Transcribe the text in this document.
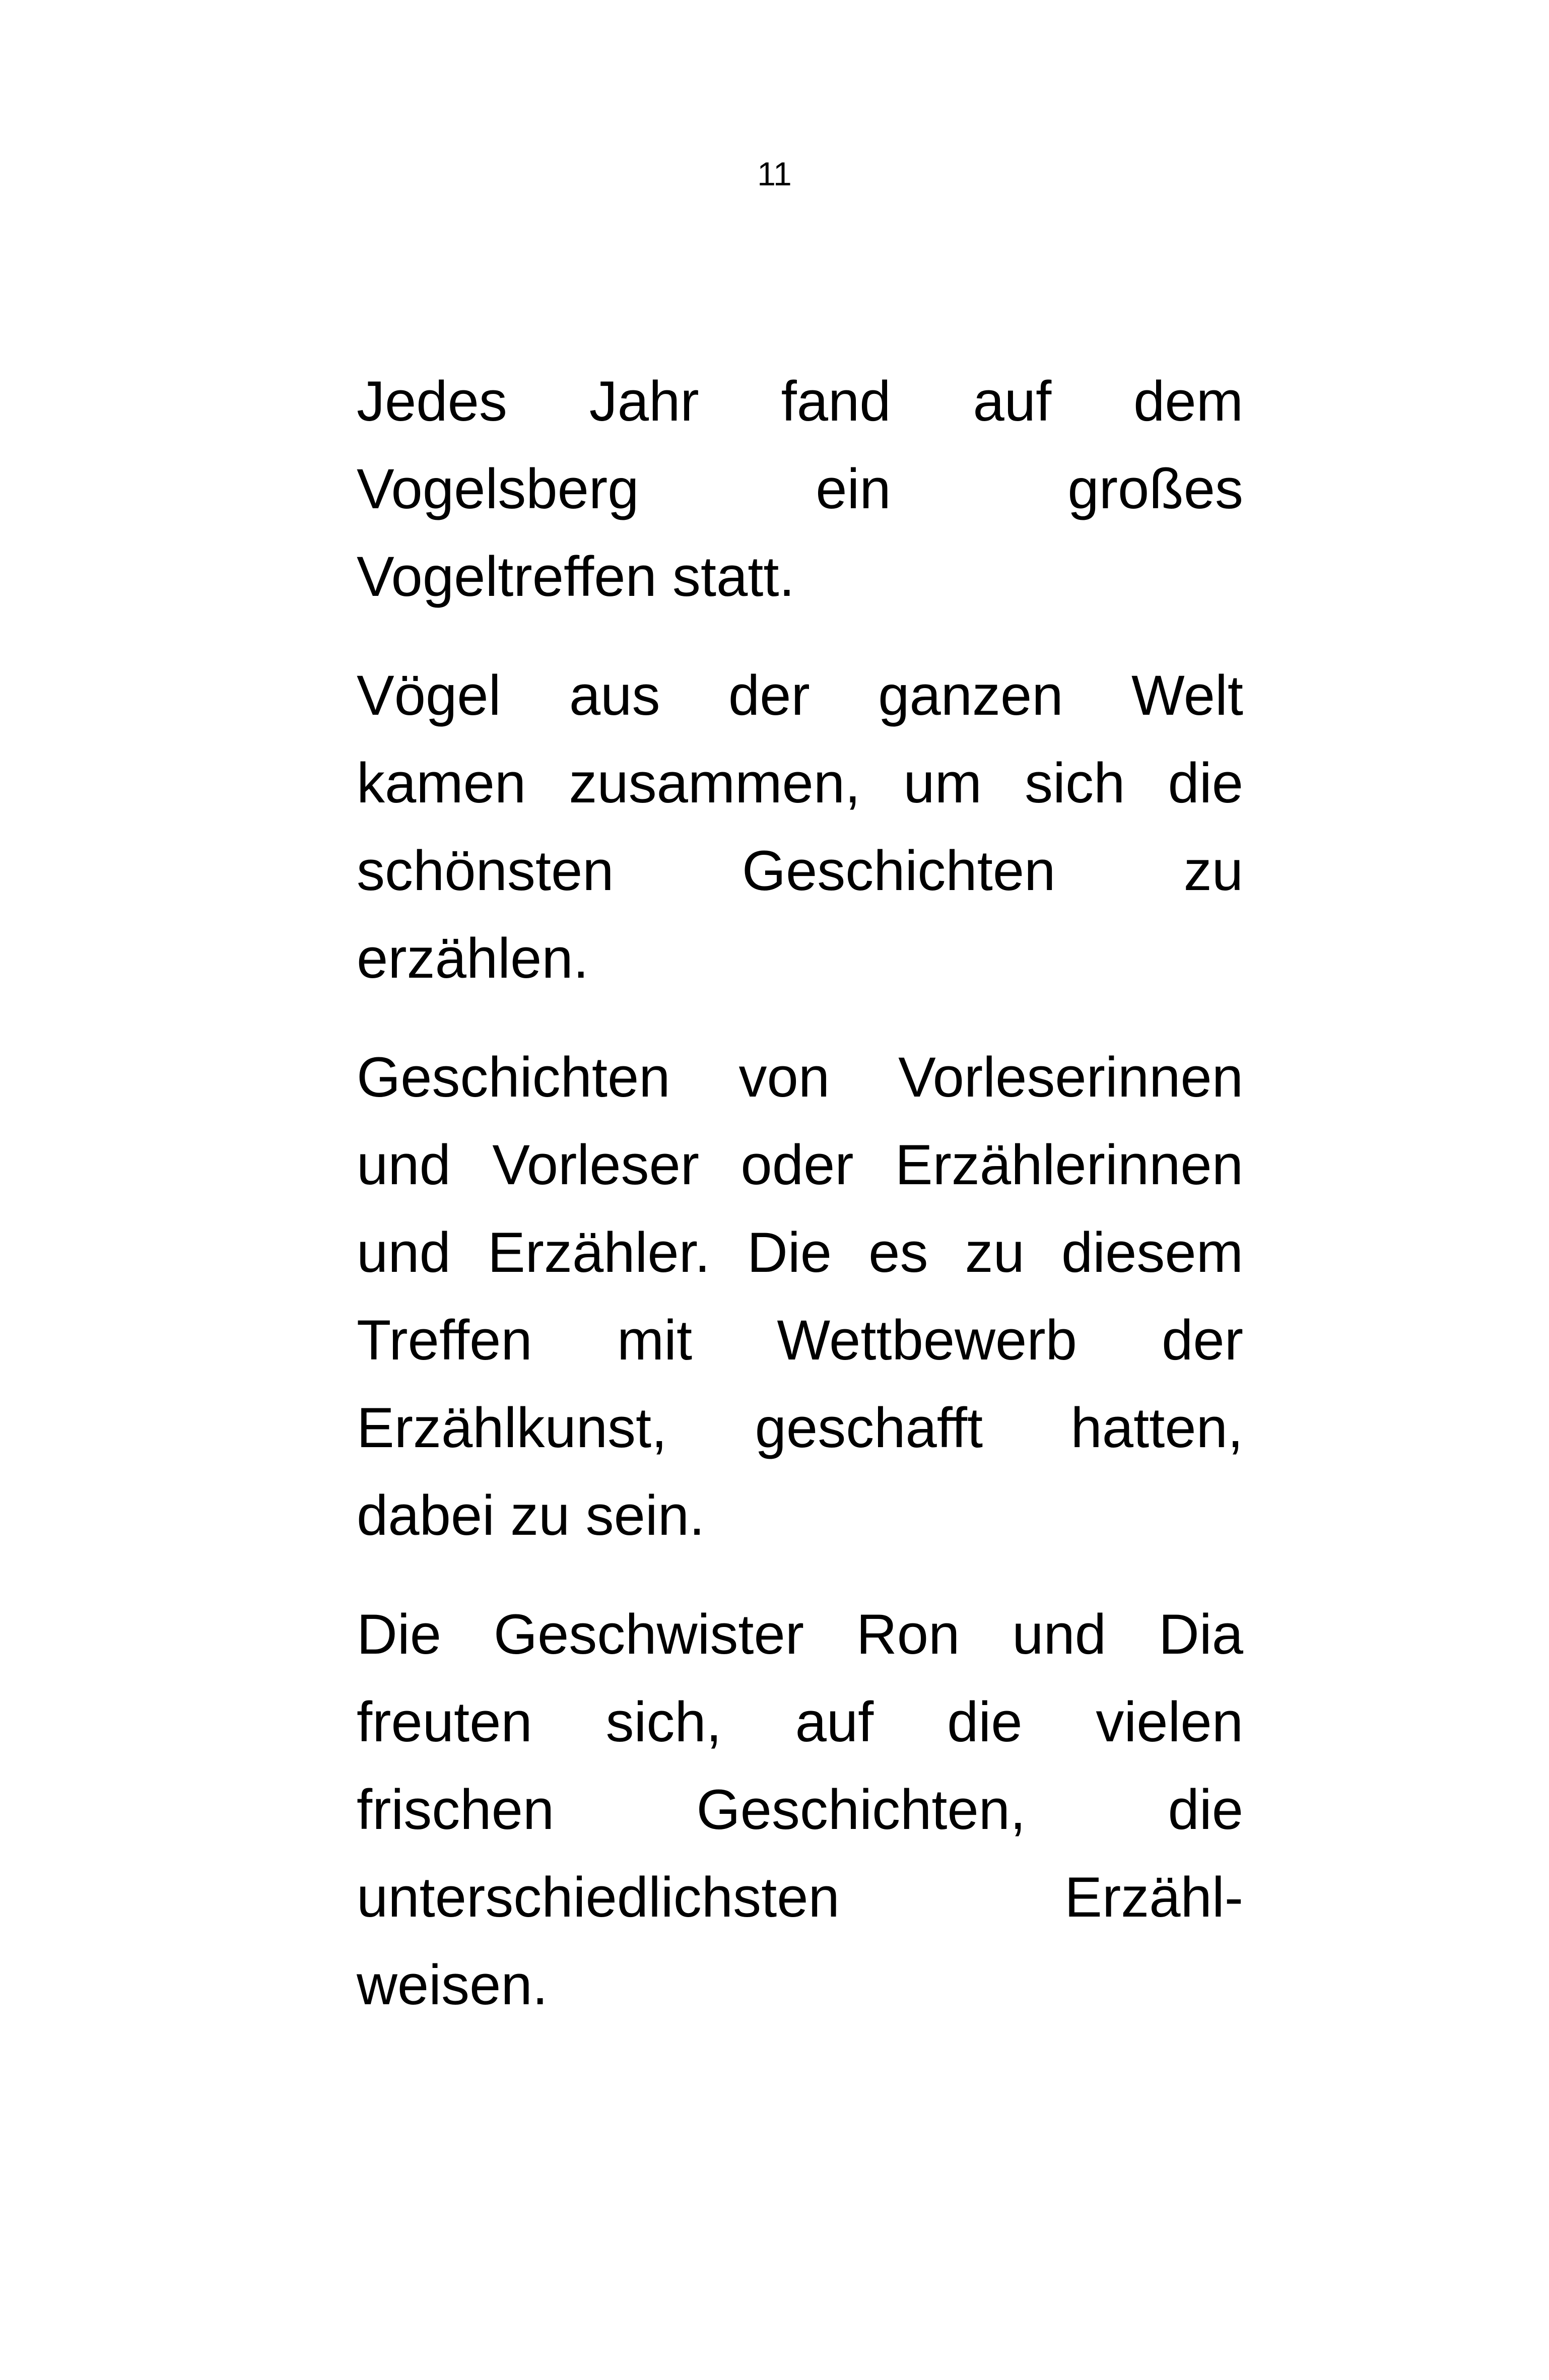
11
Jedes Jahr fand auf dem
Vogelsberg ein großes
Vogeltreffen statt.
Vögel aus der ganzen Welt
kamen zusammen, um sich die
schönsten Geschichten zu
erzählen.
Geschichten von Vorleserinnen
und Vorleser oder Erzählerinnen
und Erzähler. Die es zu diesem
Treffen mit Wettbewerb der
Erzählkunst, geschafft hatten,
dabei zu sein.
Die Geschwister Ron und Dia
freuten sich, auf die vielen
frischen Geschichten, die
unterschiedlichsten Erzähl-
weisen.
